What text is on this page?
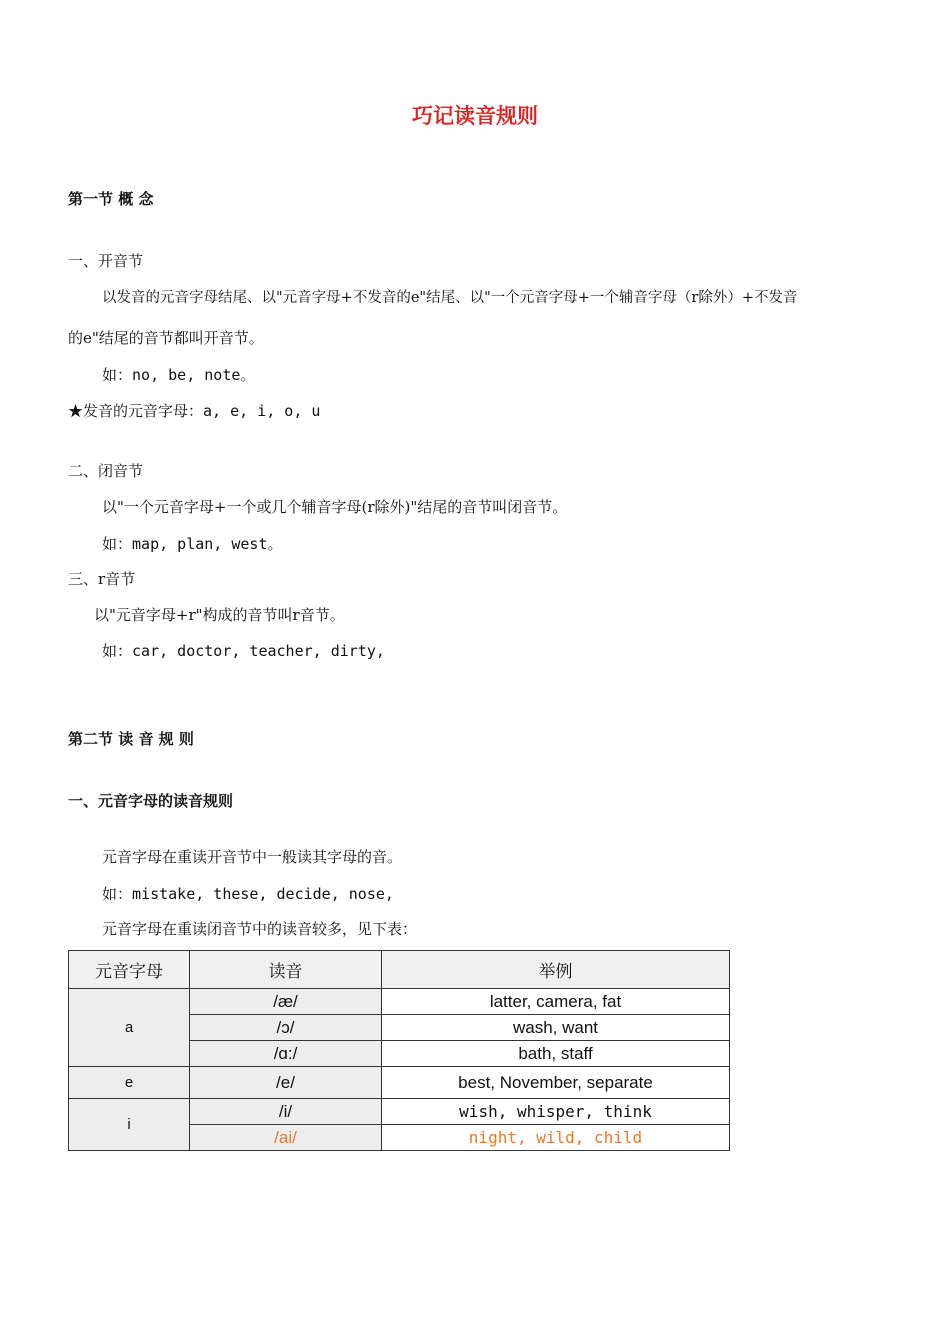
巧记读音规则
第一节 概 念
一、开音节
以发音的元音字母结尾、以"元音字母+不发音的e"结尾、以"一个元音字母+一个辅音字母（r除外）+不发音
的e"结尾的音节都叫开音节。
如：no, be, note。
★发音的元音字母：a, e, i, o, u
二、闭音节
以"一个元音字母+一个或几个辅音字母(r除外)"结尾的音节叫闭音节。
如：map, plan, west。
三、r音节
以"元音字母+r"构成的音节叫r音节。
如：car, doctor, teacher, dirty,
第二节 读 音 规 则
一、元音字母的读音规则
元音字母在重读开音节中一般读其字母的音。
如：mistake, these, decide, nose,
元音字母在重读闭音节中的读音较多，见下表：
元音字母	读音	举例
a	/æ/	latter, camera, fat
	/ɔ/	wash, want
	/ɑ:/	bath, staff
e	/e/	best, November, separate
i	/i/	wish, whisper, think
	/ai/	night, wild, child
